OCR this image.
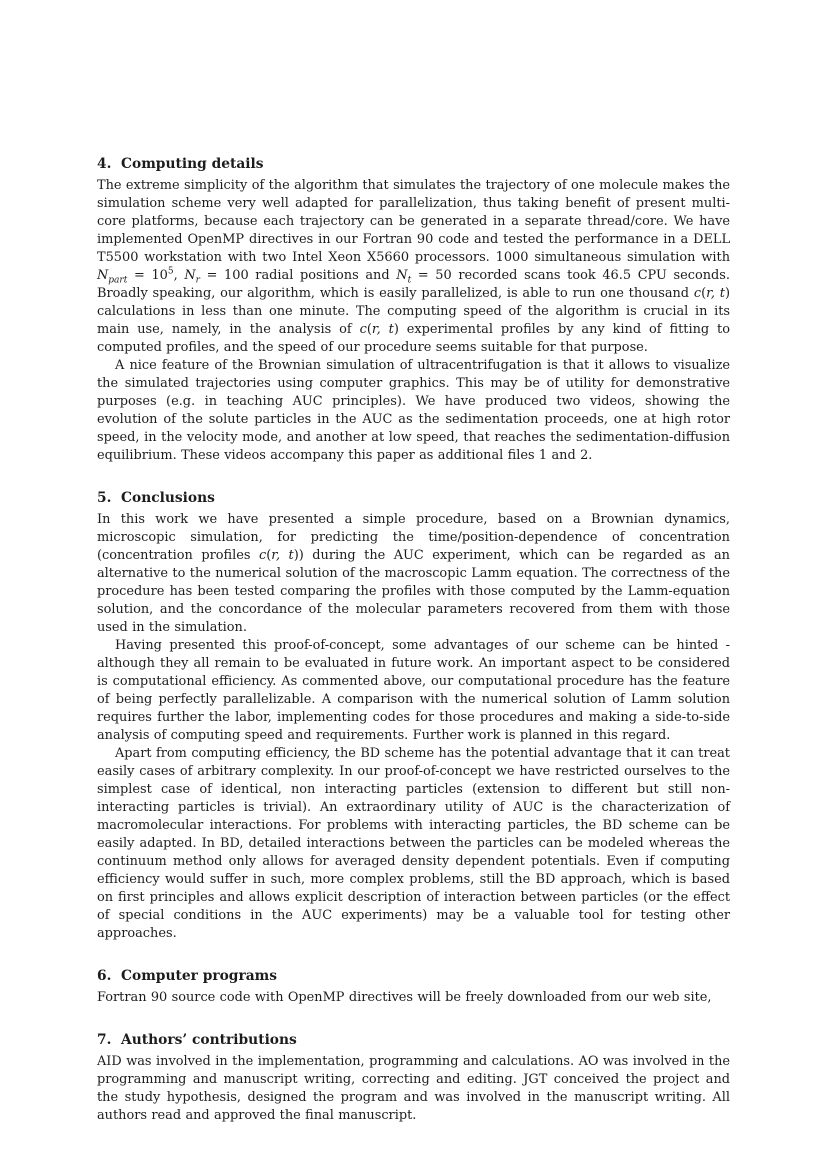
4.  Computing details

The extreme simplicity of the algorithm that simulates the trajectory of one molecule makes the simulation scheme very well adapted for parallelization, thus taking benefit of present multi-core platforms, because each trajectory can be generated in a separate thread/core. We have implemented OpenMP directives in our Fortran 90 code and tested the performance in a DELL T5500 workstation with two Intel Xeon X5660 processors. 1000 simultaneous simulation with $N_{part} = 10^5$, $N_r = 100$ radial positions and $N_t = 50$ recorded scans took 46.5 CPU seconds. Broadly speaking, our algorithm, which is easily parallelized, is able to run one thousand c(r, t) calculations in less than one minute. The computing speed of the algorithm is crucial in its main use, namely, in the analysis of c(r, t) experimental profiles by any kind of fitting to computed profiles, and the speed of our procedure seems suitable for that purpose.

A nice feature of the Brownian simulation of ultracentrifugation is that it allows to visualize the simulated trajectories using computer graphics. This may be of utility for demonstrative purposes (e.g. in teaching AUC principles). We have produced two videos, showing the evolution of the solute particles in the AUC as the sedimentation proceeds, one at high rotor speed, in the velocity mode, and another at low speed, that reaches the sedimentation-diffusion equilibrium. These videos accompany this paper as additional files 1 and 2.

5.  Conclusions

In this work we have presented a simple procedure, based on a Brownian dynamics, microscopic simulation, for predicting the time/position-dependence of concentration (concentration profiles c(r, t)) during the AUC experiment, which can be regarded as an alternative to the numerical solution of the macroscopic Lamm equation. The correctness of the procedure has been tested comparing the profiles with those computed by the Lamm-equation solution, and the concordance of the molecular parameters recovered from them with those used in the simulation.

Having presented this proof-of-concept, some advantages of our scheme can be hinted - although they all remain to be evaluated in future work. An important aspect to be considered is computational efficiency. As commented above, our computational procedure has the feature of being perfectly parallelizable. A comparison with the numerical solution of Lamm solution requires further the labor, implementing codes for those procedures and making a side-to-side analysis of computing speed and requirements. Further work is planned in this regard.

Apart from computing efficiency, the BD scheme has the potential advantage that it can treat easily cases of arbitrary complexity. In our proof-of-concept we have restricted ourselves to the simplest case of identical, non interacting particles (extension to different but still non-interacting particles is trivial). An extraordinary utility of AUC is the characterization of macromolecular interactions. For problems with interacting particles, the BD scheme can be easily adapted. In BD, detailed interactions between the particles can be modeled whereas the continuum method only allows for averaged density dependent potentials. Even if computing efficiency would suffer in such, more complex problems, still the BD approach, which is based on first principles and allows explicit description of interaction between particles (or the effect of special conditions in the AUC experiments) may be a valuable tool for testing other approaches.

6.  Computer programs

Fortran 90 source code with OpenMP directives will be freely downloaded from our web site,

7.  Authors’ contributions

AID was involved in the implementation, programming and calculations. AO was involved in the programming and manuscript writing, correcting and editing. JGT conceived the project and the study hypothesis, designed the program and was involved in the manuscript writing. All authors read and approved the final manuscript.
